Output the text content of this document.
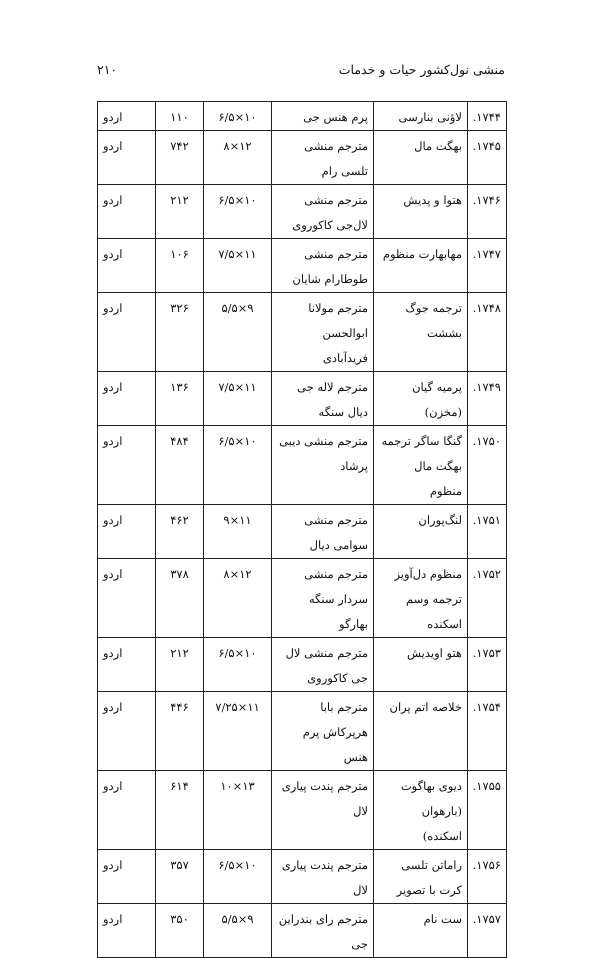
منشی نول‌کشور حیات و خدمات
۲۱۰
۱۷۴۴.	لاؤنی بنارسی	پرم هنس جی	۱۰×۶/۵	۱۱۰	اردو
۱۷۴۵.	بهگت مال	مترجم منشی تلسی رام	۱۲×۸	۷۴۲	اردو
۱۷۴۶.	هتوا و پدیش	مترجم منشی لال‌جی کاکوروی	۱۰×۶/۵	۲۱۲	اردو
۱۷۴۷.	مهابهارت منظوم	مترجم منشی طوطارام شایان	۱۱×۷/۵	۱۰۶	اردو
۱۷۴۸.	ترجمه جوگ بششت	مترجم مولانا ابوالحسن فریدآبادی	۹×۵/۵	۳۲۶	اردو
۱۷۴۹.	پرمیه گیان (مخزن)	مترجم لاله جی دیال سنگه	۱۱×۷/۵	۱۳۶	اردو
۱۷۵۰.	گنگا ساگر ترجمه بهگت مال منظوم	مترجم منشی دیبی پرشاد	۱۰×۶/۵	۴۸۴	اردو
۱۷۵۱.	لنگ‌پوران	مترجم منشی سوامی دیال	۱۱×۹	۴۶۲	اردو
۱۷۵۲.	منظوم دل‌آویز ترجمه وسم اسکنده	مترجم منشی سردار سنگه بهارگو	۱۲×۸	۳۷۸	اردو
۱۷۵۳.	هتو اویدیش	مترجم منشی لال جی کاکوروی	۱۰×۶/۵	۲۱۲	اردو
۱۷۵۴.	خلاصه اتم پران	مترجم بابا هرپرکاش پرم هنس	۱۱×۷/۲۵	۴۴۶	اردو
۱۷۵۵.	دیوی بهاگوت (بارهوان اسکنده)	مترجم پندت پیاری لال	۱۳×۱۰	۶۱۴	اردو
۱۷۵۶.	راماتن تلسی کرت با تصویر	مترجم پندت پیاری لال	۱۰×۶/۵	۳۵۷	اردو
۱۷۵۷.	ست نام	مترجم رای بندراین جی	۹×۵/۵	۳۵۰	اردو
